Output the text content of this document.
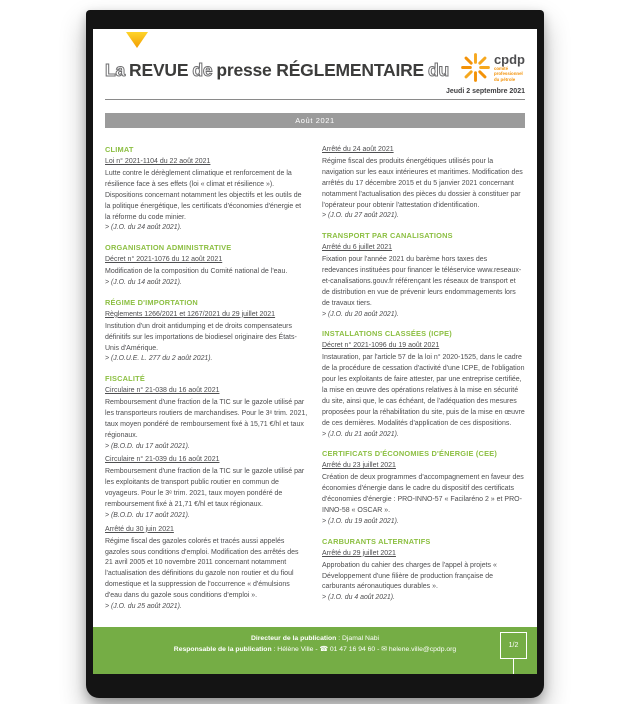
La REVUE de presse RÉGLEMENTAIRE du
cpdp
comité
professionnel
du pétrole
Jeudi 2 septembre 2021
Août 2021
CLIMAT

Loi n° 2021-1104 du 22 août 2021

Lutte contre le dérèglement climatique et renforcement de la résilience face à ses effets (loi « climat et résilience »). Dispositions concernant notamment les objectifs et les outils de la politique énergétique, les certificats d'économies d'énergie et la réforme du code minier.

> (J.O. du 24 août 2021).

ORGANISATION ADMINISTRATIVE

Décret n° 2021-1076 du 12 août 2021

Modification de la composition du Comité national de l'eau.

> (J.O. du 14 août 2021).

RÉGIME D'IMPORTATION

Règlements 1266/2021 et 1267/2021 du 29 juillet 2021

Institution d'un droit antidumping et de droits compensateurs définitifs sur les importations de biodiesel originaire des États-Unis d'Amérique.

> (J.O.U.E. L. 277 du 2 août 2021).

FISCALITÉ

Circulaire n° 21-038 du 16 août 2021

Remboursement d'une fraction de la TIC sur le gazole utilisé par les transporteurs routiers de marchandises. Pour le 3ᵉ trim. 2021, taux moyen pondéré de remboursement fixé à 15,71 €/hl et taux régionaux.

> (B.O.D. du 17 août 2021).

Circulaire n° 21-039 du 16 août 2021

Remboursement d'une fraction de la TIC sur le gazole utilisé par les exploitants de transport public routier en commun de voyageurs. Pour le 3ᵉ trim. 2021, taux moyen pondéré de remboursement fixé à 21,71 €/hl et taux régionaux.

> (B.O.D. du 17 août 2021).

Arrêté du 30 juin 2021

Régime fiscal des gazoles colorés et tracés aussi appelés gazoles sous conditions d'emploi. Modification des arrêtés des 21 avril 2005 et 10 novembre 2011 concernant notamment l'actualisation des définitions du gazole non routier et du fioul domestique et la suppression de l'occurrence « d'émulsions d'eau dans du gazole sous conditions d'emploi ».

> (J.O. du 25 août 2021).

Arrêté du 24 août 2021

Régime fiscal des produits énergétiques utilisés pour la navigation sur les eaux intérieures et maritimes. Modification des arrêtés du 17 décembre 2015 et du 5 janvier 2021 concernant notamment l'actualisation des pièces du dossier à constituer par l'opérateur pour obtenir l'attestation d'identification.

> (J.O. du 27 août 2021).

TRANSPORT PAR CANALISATIONS

Arrêté du 6 juillet 2021

Fixation pour l'année 2021 du barème hors taxes des redevances instituées pour financer le téléservice www.reseaux-et-canalisations.gouv.fr référençant les réseaux de transport et de distribution en vue de prévenir leurs endommagements lors de travaux tiers.

> (J.O. du 20 août 2021).

INSTALLATIONS CLASSÉES (ICPE)

Décret n° 2021-1096 du 19 août 2021

Instauration, par l'article 57 de la loi n° 2020-1525, dans le cadre de la procédure de cessation d'activité d'une ICPE, de l'obligation pour les exploitants de faire attester, par une entreprise certifiée, la mise en œuvre des opérations relatives à la mise en sécurité du site, ainsi que, le cas échéant, de l'adéquation des mesures proposées pour la réhabilitation du site, puis de la mise en œuvre de ces dernières. Modalités d'application de ces dispositions.

> (J.O. du 21 août 2021).

CERTIFICATS D'ÉCONOMIES D'ÉNERGIE (CEE)

Arrêté du 23 juillet 2021

Création de deux programmes d'accompagnement en faveur des économies d'énergie dans le cadre du dispositif des certificats d'économies d'énergie : PRO-INNO-57 « Facilaréno 2 » et PRO-INNO-58 « OSCAR ».

> (J.O. du 19 août 2021).

CARBURANTS ALTERNATIFS

Arrêté du 29 juillet 2021

Approbation du cahier des charges de l'appel à projets « Développement d'une filière de production française de carburants aéronautiques durables ».

> (J.O. du 4 août 2021).

Directeur de la publication : Djamal Nabi
Responsable de la publication : Hélène Ville - ☎ 01 47 16 94 60 - ✉ helene.ville@cpdp.org
1/2
